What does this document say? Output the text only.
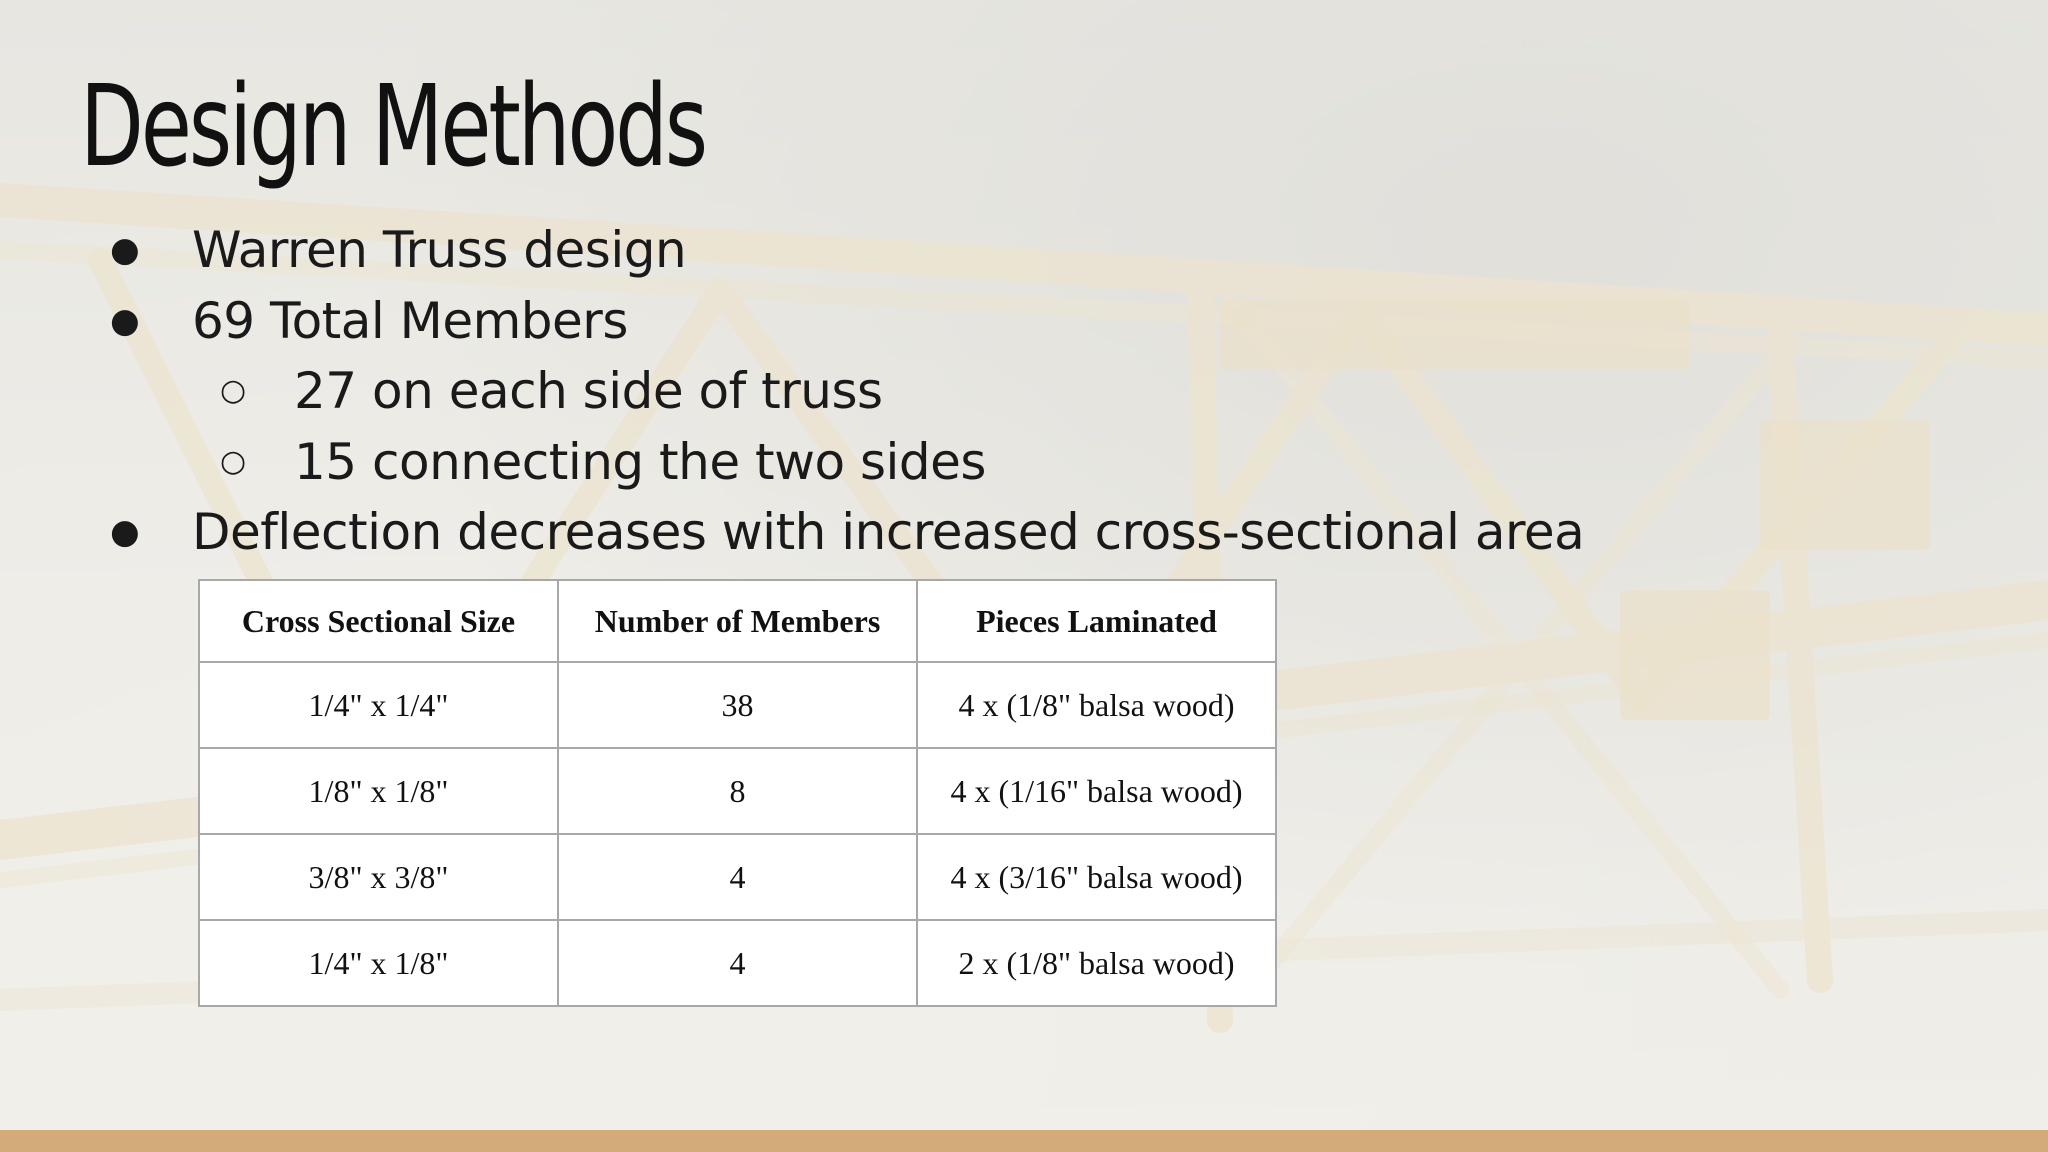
Design Methods
● Warren Truss design
● 69 Total Members
○ 27 on each side of truss
○ 15 connecting the two sides
● Deflection decreases with increased cross-sectional area
Cross Sectional Size	Number of Members	Pieces Laminated
1/4" x 1/4"	38	4 x (1/8" balsa wood)
1/8" x 1/8"	8	4 x (1/16" balsa wood)
3/8" x 3/8"	4	4 x (3/16" balsa wood)
1/4" x 1/8"	4	2 x (1/8" balsa wood)
